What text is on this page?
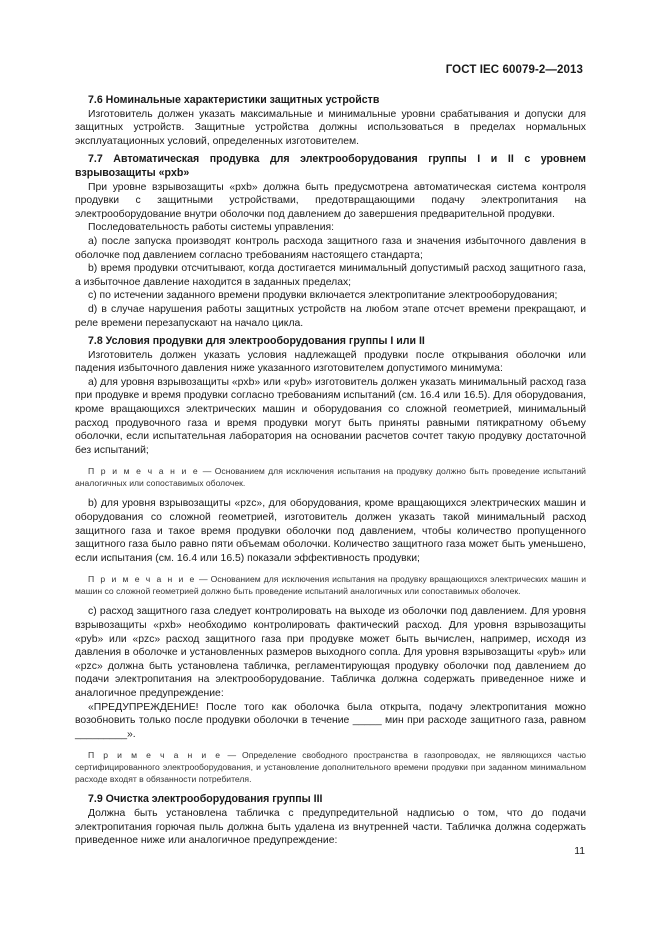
ГОСТ IEC 60079-2—2013
7.6 Номинальные характеристики защитных устройств

Изготовитель должен указать максимальные и минимальные уровни срабатывания и допуски для защитных устройств. Защитные устройства должны использоваться в пределах нормальных эксплуатационных условий, определенных изготовителем.

7.7 Автоматическая продувка для электрооборудования группы I и II с уровнем взрывозащиты «pxb»

При уровне взрывозащиты «pxb» должна быть предусмотрена автоматическая система контроля продувки с защитными устройствами, предотвращающими подачу электропитания на электрооборудование внутри оболочки под давлением до завершения предварительной продувки.

Последовательность работы системы управления:

a) после запуска производят контроль расхода защитного газа и значения избыточного давления в оболочке под давлением согласно требованиям настоящего стандарта;

b) время продувки отсчитывают, когда достигается минимальный допустимый расход защитного газа, а избыточное давление находится в заданных пределах;

c) по истечении заданного времени продувки включается электропитание электрооборудования;

d) в случае нарушения работы защитных устройств на любом этапе отсчет времени прекращают, и реле времени перезапускают на начало цикла.

7.8 Условия продувки для электрооборудования группы I или II

Изготовитель должен указать условия надлежащей продувки после открывания оболочки или падения избыточного давления ниже указанного изготовителем допустимого минимума:

a) для уровня взрывозащиты «pxb» или «pyb» изготовитель должен указать минимальный расход газа при продувке и время продувки согласно требованиям испытаний (см. 16.4 или 16.5). Для оборудования, кроме вращающихся электрических машин и оборудования со сложной геометрией, минимальный расход продувочного газа и время продувки могут быть приняты равными пятикратному объему оболочки, если испытательная лаборатория на основании расчетов сочтет такую продувку достаточной без испытаний;

П р и м е ч а н и е — Основанием для исключения испытания на продувку должно быть проведение испытаний аналогичных или сопоставимых оболочек.

b) для уровня взрывозащиты «pzc», для оборудования, кроме вращающихся электрических машин и оборудования со сложной геометрией, изготовитель должен указать такой минимальный расход защитного газа и такое время продувки оболочки под давлением, чтобы количество пропущенного защитного газа было равно пяти объемам оболочки. Количество защитного газа может быть уменьшено, если испытания (см. 16.4 или 16.5) показали эффективность продувки;

П р и м е ч а н и е — Основанием для исключения испытания на продувку вращающихся электрических машин и машин со сложной геометрией должно быть проведение испытаний аналогичных или сопоставимых оболочек.

c) расход защитного газа следует контролировать на выходе из оболочки под давлением. Для уровня взрывозащиты «pxb» необходимо контролировать фактический расход. Для уровня взрывозащиты «pyb» или «pzc» расход защитного газа при продувке может быть вычислен, например, исходя из давления в оболочке и установленных размеров выходного сопла. Для уровня взрывозащиты «pyb» или «pzc» должна быть установлена табличка, регламентирующая продувку оболочки под давлением до подачи электропитания на электрооборудование. Табличка должна содержать приведенное ниже и аналогичное предупреждение:

«ПРЕДУПРЕЖДЕНИЕ! После того как оболочка была открыта, подачу электропитания можно возобновить только после продувки оболочки в течение _____ мин при расходе защитного газа, равном _________».

П р и м е ч а н и е — Определение свободного пространства в газопроводах, не являющихся частью сертифицированного электрооборудования, и установление дополнительного времени продувки при заданном минимальном расходе входят в обязанности потребителя.

7.9 Очистка электрооборудования группы III

Должна быть установлена табличка с предупредительной надписью о том, что до подачи электропитания горючая пыль должна быть удалена из внутренней части. Табличка должна содержать приведенное ниже или аналогичное предупреждение:

11
